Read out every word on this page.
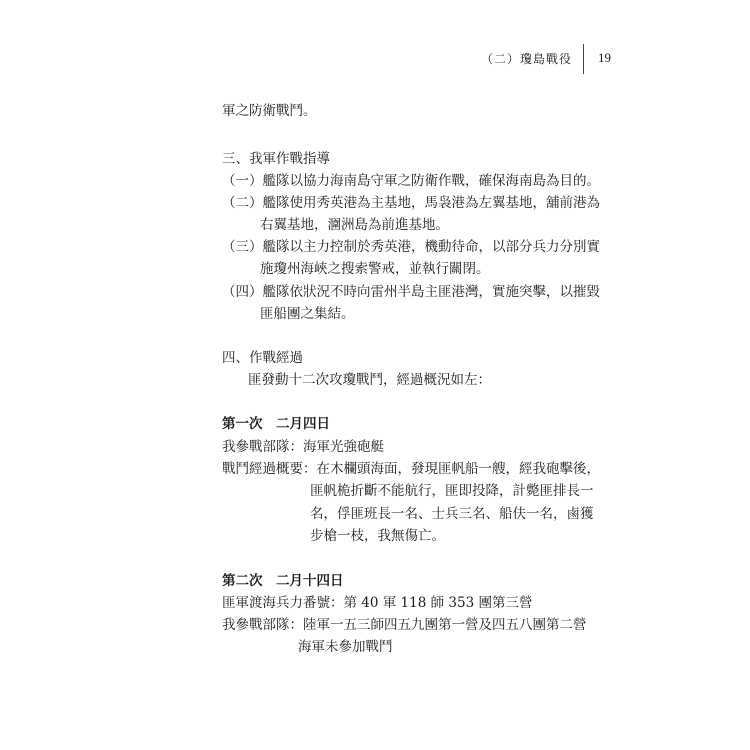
（二）瓊島戰役 19
軍之防衛戰鬥。
三、我軍作戰指導
（一）艦隊以協力海南島守軍之防衛作戰，確保海南島為目的。
（二）艦隊使用秀英港為主基地，馬袅港為左翼基地，舖前港為
右翼基地，潿洲島為前進基地。
（三）艦隊以主力控制於秀英港，機動待命，以部分兵力分別實
施瓊州海峽之搜索警戒，並執行關閉。
（四）艦隊依狀況不時向雷州半島主匪港灣，實施突擊，以摧毀
匪船團之集結。
四、作戰經過
匪發動十二次攻瓊戰鬥，經過概況如左：
第一次　二月四日
我參戰部隊：海軍光強砲艇
戰鬥經過概要：在木欄頭海面，發現匪帆船一艘，經我砲擊後，
匪帆桅折斷不能航行，匪即投降，計斃匪排長一
名，俘匪班長一名、士兵三名、船伕一名，鹵獲
步槍一枝，我無傷亡。
第二次　二月十四日
匪軍渡海兵力番號：第 40 軍 118 師 353 團第三營
我參戰部隊：陸軍一五三師四五九團第一營及四五八團第二營
海軍未參加戰鬥
